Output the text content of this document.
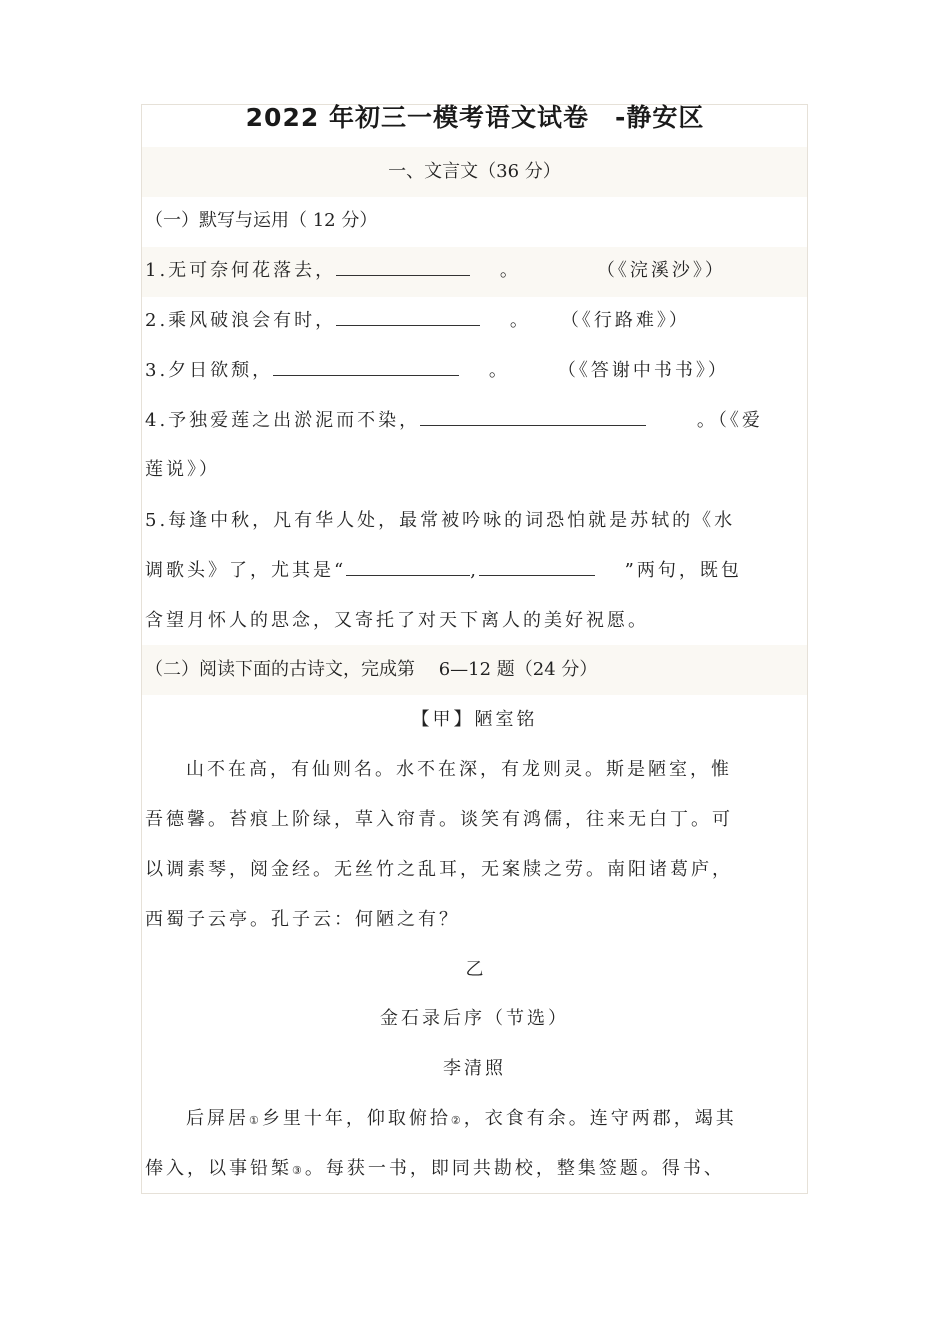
2022 年初三一模考语文试卷　-静安区
一、文言文（36 分）
（一）默写与运用（ 12 分）
1.无可奈何花落去，　	。	（《浣溪沙》）
2.乘风破浪会有时，　	。 （《行路难》）
3.夕日欲颓，　	。	（《答谢中书书》）
4.予独爱莲之出淤泥而不染，　　	。（《爱
莲说》）
5.每逢中秋，凡有华人处，最常被吟咏的词恐怕就是苏轼的《水
调歌头》了，尤其是“	,　	”两句，既包
含望月怀人的思念，又寄托了对天下离人的美好祝愿。
（二）阅读下面的古诗文，完成第　 6—12 题（24 分）
【甲】陋室铭
山不在高，有仙则名。水不在深，有龙则灵。斯是陋室，惟
吾德馨。苔痕上阶绿，草入帘青。谈笑有鸿儒，往来无白丁。可
以调素琴，阅金经。无丝竹之乱耳，无案牍之劳。南阳诸葛庐，
西蜀子云亭。孔子云：何陋之有？
乙
金石录后序（节选）
李清照
后屏居①乡里十年，仰取俯拾②，衣食有余。连守两郡，竭其
俸入，以事铅椠③。每获一书，即同共勘校，整集签题。得书、
